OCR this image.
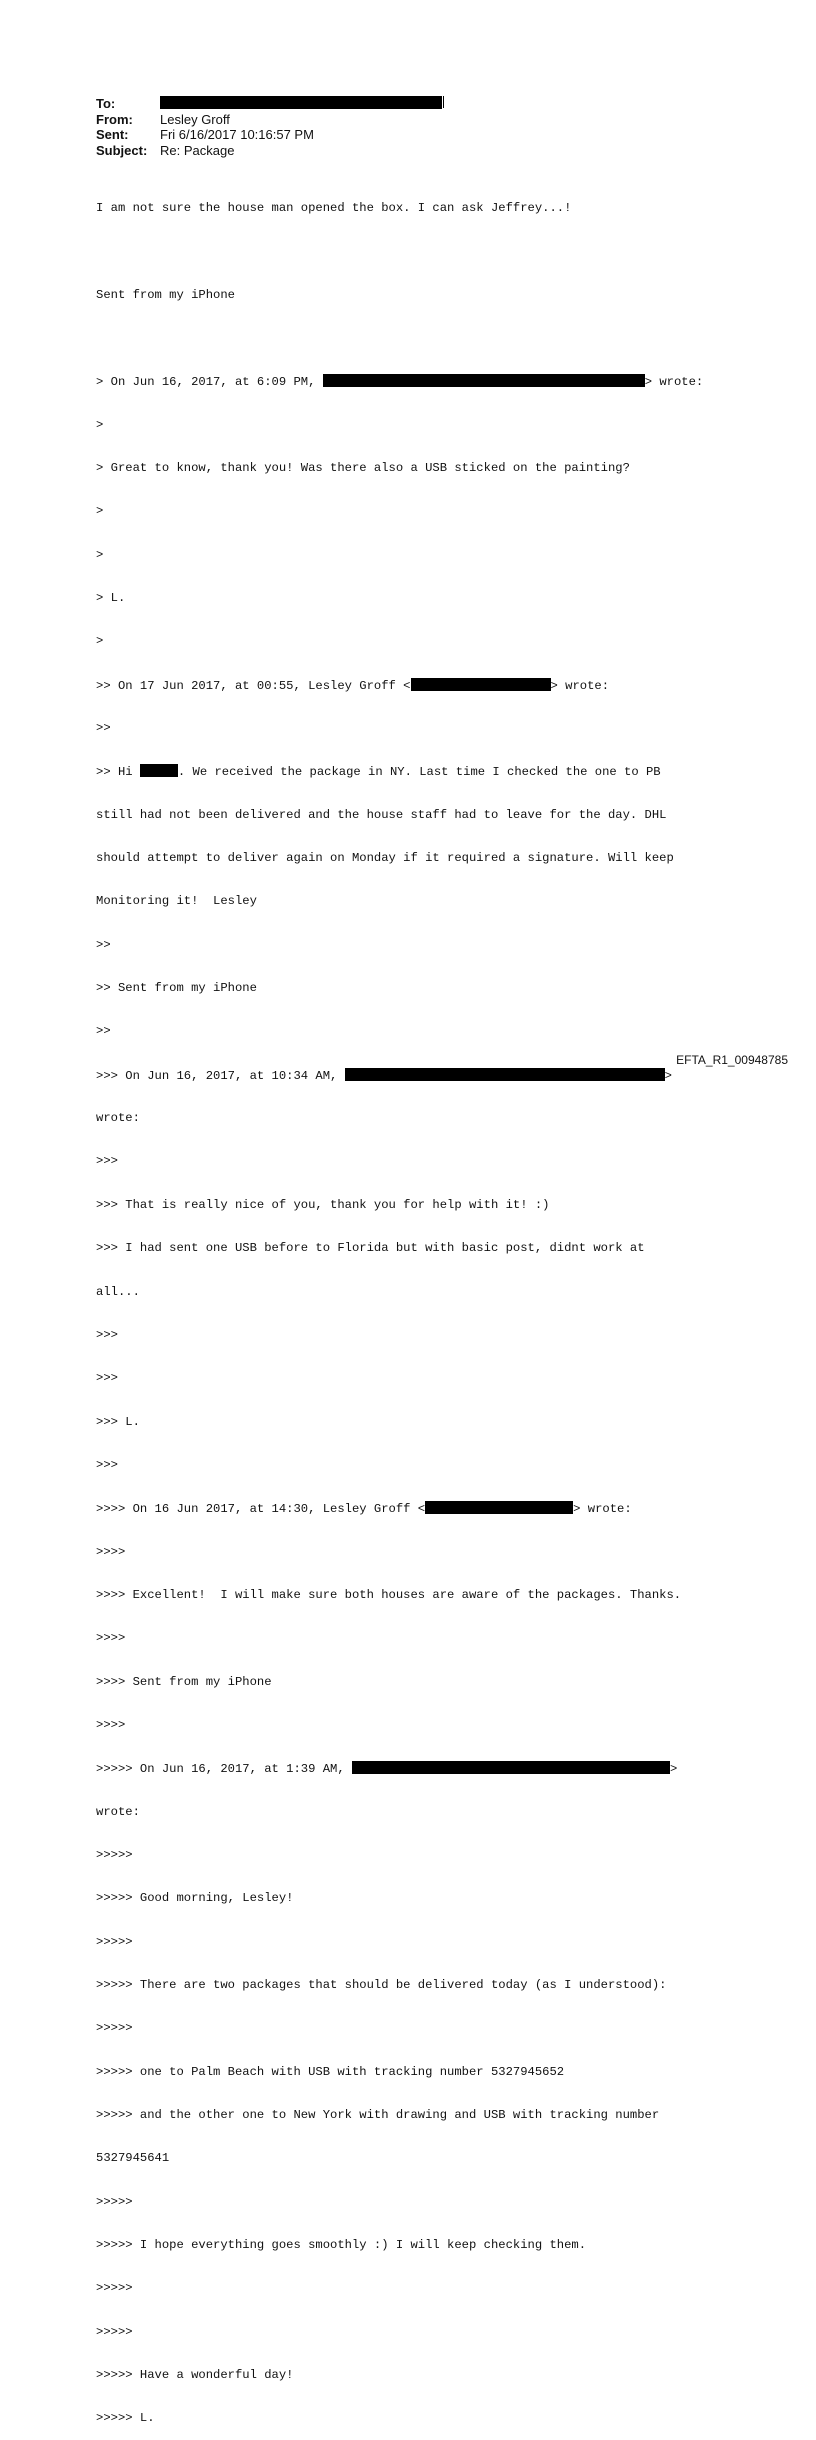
To:
From:	Lesley Groff
Sent:	Fri 6/16/2017 10:16:57 PM
Subject: Re: Package

I am not sure the house man opened the box. I can ask Jeffrey...!

Sent from my iPhone

> On Jun 16, 2017, at 6:09 PM,	> wrote:

>

> Great to know, thank you! Was there also a USB sticked on the painting?

>

>

> L.

>

>> On 17 Jun 2017, at 00:55, Lesley Groff <	> wrote:

>>

>> Hi	. We received the package in NY. Last time I checked the one to PB

still had not been delivered and the house staff had to leave for the day. DHL

should attempt to deliver again on Monday if it required a signature. Will keep

Monitoring it!  Lesley

>>

>> Sent from my iPhone

>>

>>> On Jun 16, 2017, at 10:34 AM,	>

wrote:

>>>

>>> That is really nice of you, thank you for help with it! :)

>>> I had sent one USB before to Florida but with basic post, didnt work at

all...

>>>

>>>

>>> L.

>>>

>>>> On 16 Jun 2017, at 14:30, Lesley Groff <	> wrote:

>>>>

>>>> Excellent!  I will make sure both houses are aware of the packages. Thanks.

>>>>

>>>> Sent from my iPhone

>>>>

>>>>> On Jun 16, 2017, at 1:39 AM,	>

wrote:

>>>>>

>>>>> Good morning, Lesley!

>>>>>

>>>>> There are two packages that should be delivered today (as I understood):

>>>>>

>>>>> one to Palm Beach with USB with tracking number 5327945652

>>>>> and the other one to New York with drawing and USB with tracking number

5327945641

>>>>>

>>>>> I hope everything goes smoothly :) I will keep checking them.

>>>>>

>>>>>

>>>>> Have a wonderful day!

>>>>> L.

EFTA_R1_00948785
